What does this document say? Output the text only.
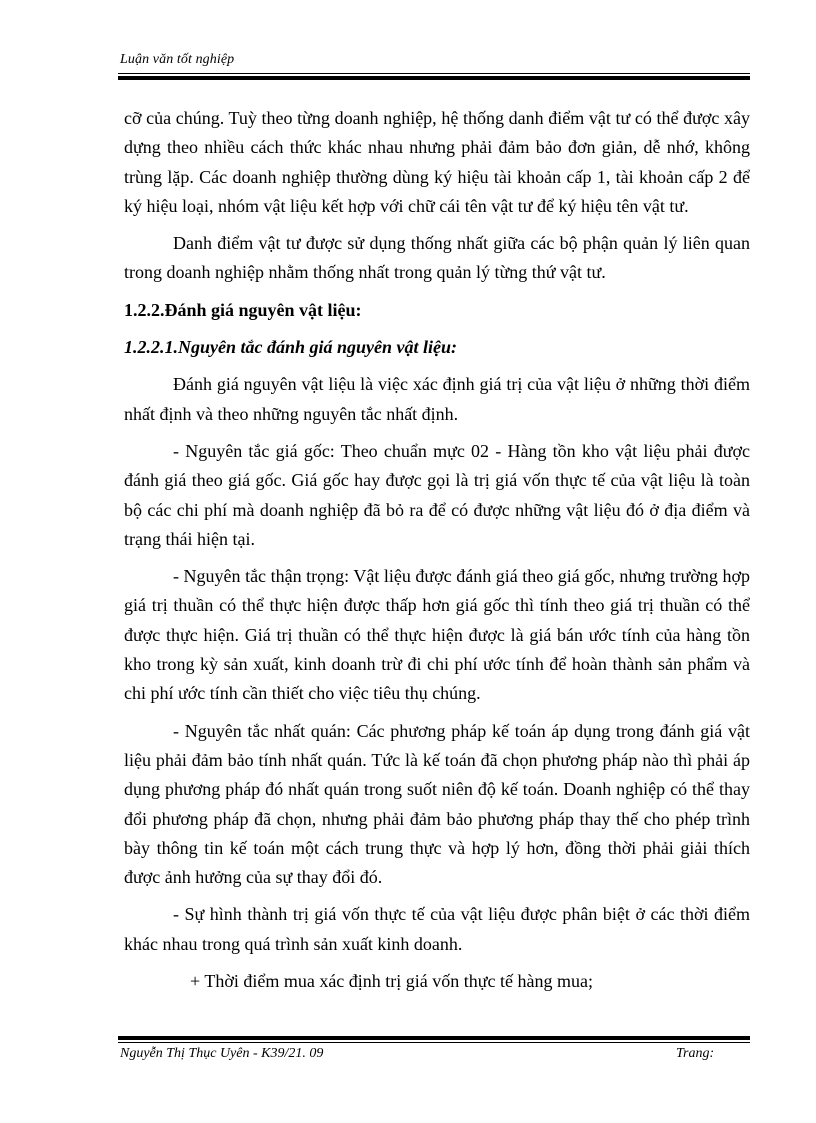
Luận văn tốt nghiệp

cỡ của chúng. Tuỳ theo từng doanh nghiệp, hệ thống danh điểm vật tư có thể được xây dựng theo nhiều cách thức khác nhau nhưng phải đảm bảo đơn giản, dễ nhớ, không trùng lặp. Các doanh nghiệp thường dùng ký hiệu tài khoản cấp 1, tài khoản cấp 2 để ký hiệu loại, nhóm vật liệu kết hợp với chữ cái tên vật tư để ký hiệu tên vật tư.

Danh điểm vật tư được sử dụng thống nhất giữa các bộ phận quản lý liên quan trong doanh nghiệp nhằm thống nhất trong quản lý từng thứ vật tư.

1.2.2.Đánh giá nguyên vật liệu:

1.2.2.1.Nguyên tắc đánh giá nguyên vật liệu:

Đánh giá nguyên vật liệu là việc xác định giá trị của vật liệu ở những thời điểm nhất định và theo những nguyên tắc nhất định.

- Nguyên tắc giá gốc: Theo chuẩn mực 02 - Hàng tồn kho vật liệu phải được đánh giá theo giá gốc. Giá gốc hay được gọi là trị giá vốn thực tế của vật liệu là toàn bộ các chi phí mà doanh nghiệp đã bỏ ra để có được những vật liệu đó ở địa điểm và trạng thái hiện tại.

- Nguyên tắc thận trọng: Vật liệu được đánh giá theo giá gốc, nhưng trường hợp giá trị thuần có thể thực hiện được thấp hơn giá gốc thì tính theo giá trị thuần có thể được thực hiện. Giá trị thuần có thể thực hiện được là giá bán ước tính của hàng tồn kho trong kỳ sản xuất, kinh doanh trừ đi chi phí ước tính để hoàn thành sản phẩm và chi phí ước tính cần thiết cho việc tiêu thụ chúng.

- Nguyên tắc nhất quán: Các phương pháp kế toán áp dụng trong đánh giá vật liệu phải đảm bảo tính nhất quán. Tức là kế toán đã chọn phương pháp nào thì phải áp dụng phương pháp đó nhất quán trong suốt niên độ kế toán. Doanh nghiệp có thể thay đổi phương pháp đã chọn, nhưng phải đảm bảo phương pháp thay thế cho phép trình bày thông tin kế toán một cách trung thực và hợp lý hơn, đồng thời phải giải thích được ảnh hưởng của sự thay đổi đó.

- Sự hình thành trị giá vốn thực tế của vật liệu được phân biệt ở các thời điểm khác nhau trong quá trình sản xuất kinh doanh.

+ Thời điểm mua xác định trị giá vốn thực tế hàng mua;

Nguyễn Thị Thục Uyên - K39/21. 09	Trang:
